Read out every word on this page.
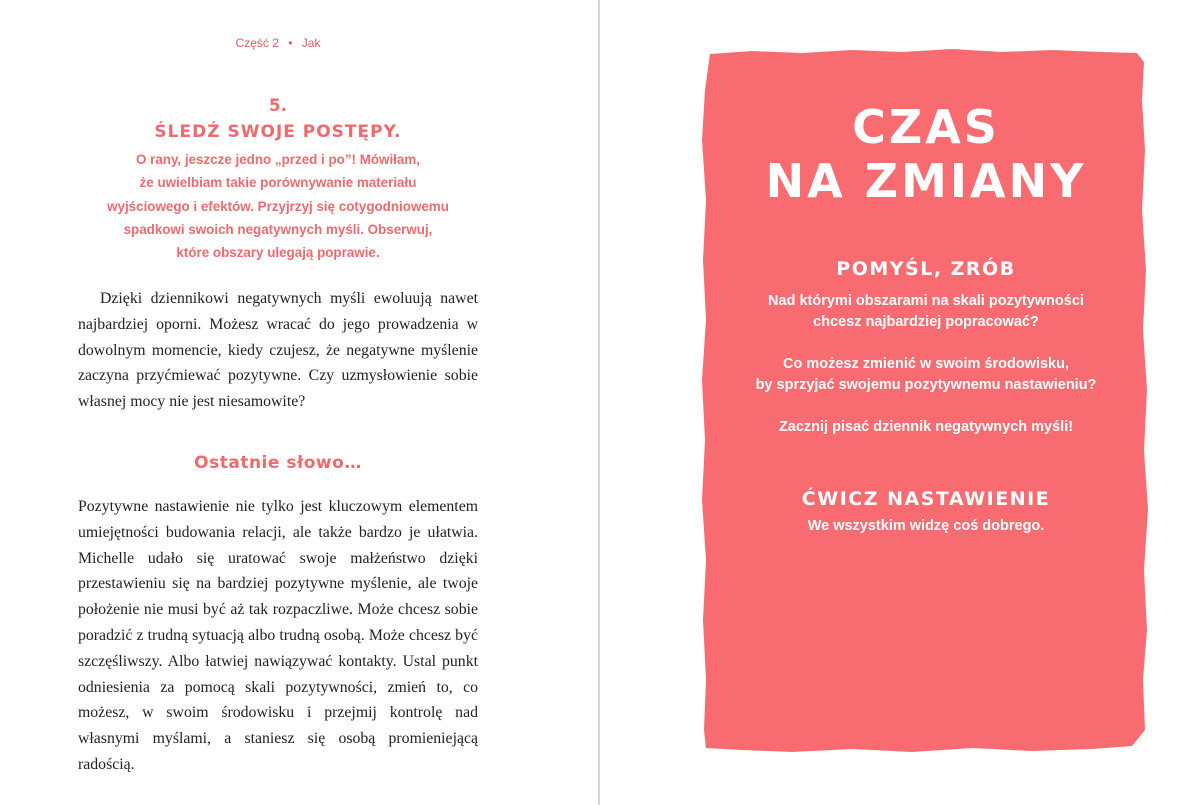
Część 2 • Jak
5.
ŚLEDŹ SWOJE POSTĘPY.
O rany, jeszcze jedno „przed i po”! Mówiłam,
że uwielbiam takie porównywanie materiału
wyjściowego i efektów. Przyjrzyj się cotygodniowemu
spadkowi swoich negatywnych myśli. Obserwuj,
które obszary ulegają poprawie.

Dzięki dziennikowi negatywnych myśli ewoluują nawet najbardziej oporni. Możesz wracać do jego prowadzenia w dowolnym momencie, kiedy czujesz, że negatywne myślenie zaczyna przyćmiewać pozytywne. Czy uzmysłowienie sobie własnej mocy nie jest niesamowite?

Ostatnie słowo…

Pozytywne nastawienie nie tylko jest kluczowym elementem umiejętności budowania relacji, ale także bardzo je ułatwia. Michelle udało się uratować swoje małżeństwo dzięki przestawieniu się na bardziej pozytywne myślenie, ale twoje położenie nie musi być aż tak rozpaczliwe. Może chcesz sobie poradzić z trudną sytuacją albo trudną osobą. Może chcesz być szczęśliwszy. Albo łatwiej nawiązywać kontakty. Ustal punkt odniesienia za pomocą skali pozytywności, zmień to, co możesz, w swoim środowisku i przejmij kontrolę nad własnymi myślami, a staniesz się osobą promieniejącą radością.

CZAS
NA ZMIANY
POMYŚL, ZRÓB
Nad którymi obszarami na skali pozytywności
chcesz najbardziej popracować?
Co możesz zmienić w swoim środowisku,
by sprzyjać swojemu pozytywnemu nastawieniu?
Zacznij pisać dziennik negatywnych myśli!
ĆWICZ NASTAWIENIE
We wszystkim widzę coś dobrego.
